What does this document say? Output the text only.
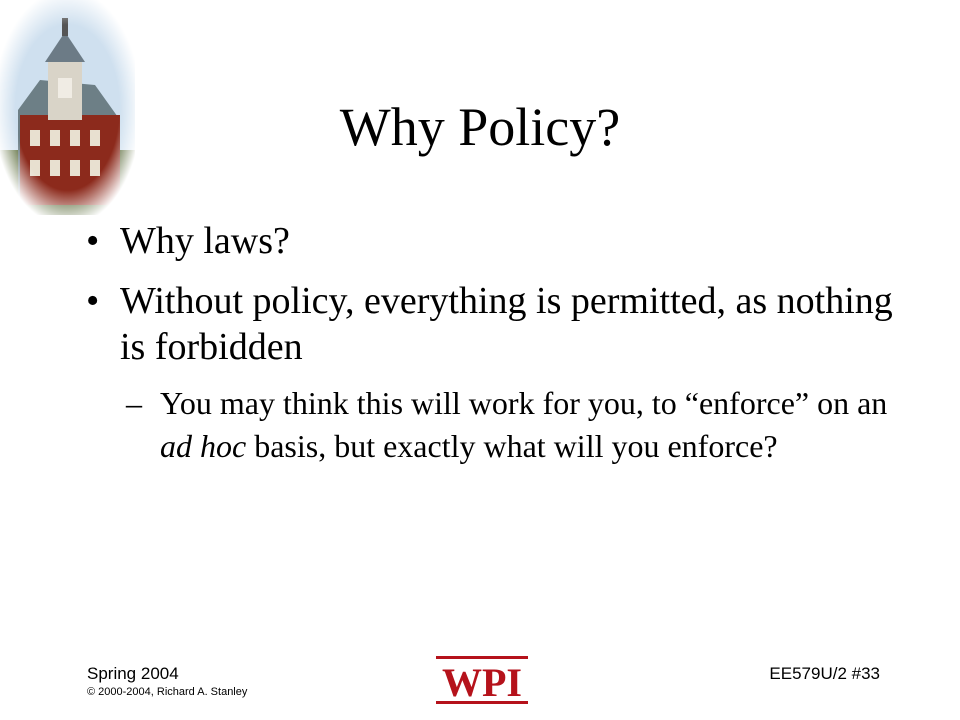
Why Policy?
• Why laws?
• Without policy, everything is permitted, as nothing is forbidden
– You may think this will work for you, to “enforce” on an ad hoc basis, but exactly what will you enforce?
Spring 2004
© 2000-2004, Richard A. Stanley
EE579U/2 #33
WPI
